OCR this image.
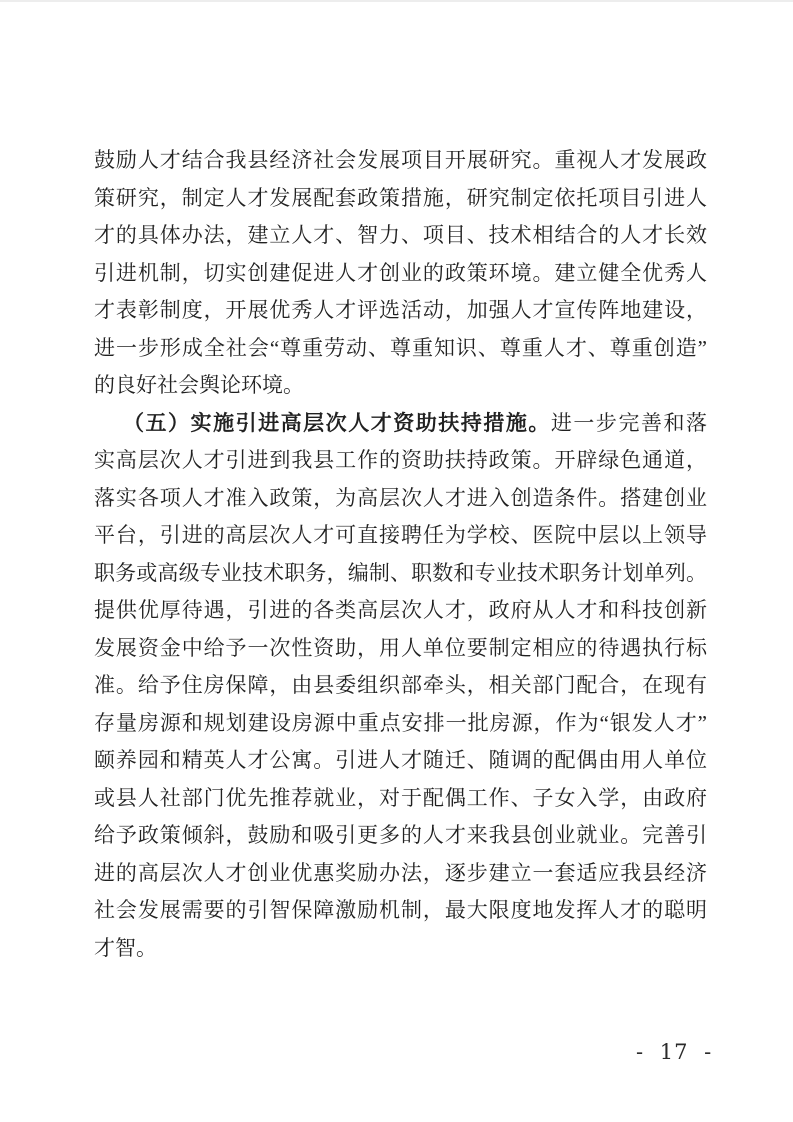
鼓励人才结合我县经济社会发展项目开展研究。重视人才发展政

策研究，制定人才发展配套政策措施，研究制定依托项目引进人

才的具体办法，建立人才、智力、项目、技术相结合的人才长效

引进机制，切实创建促进人才创业的政策环境。建立健全优秀人

才表彰制度，开展优秀人才评选活动，加强人才宣传阵地建设，

进一步形成全社会“尊重劳动、尊重知识、尊重人才、尊重创造”

的良好社会舆论环境。

（五）实施引进高层次人才资助扶持措施。进一步完善和落

实高层次人才引进到我县工作的资助扶持政策。开辟绿色通道，

落实各项人才准入政策，为高层次人才进入创造条件。搭建创业

平台，引进的高层次人才可直接聘任为学校、医院中层以上领导

职务或高级专业技术职务，编制、职数和专业技术职务计划单列。

提供优厚待遇，引进的各类高层次人才，政府从人才和科技创新

发展资金中给予一次性资助，用人单位要制定相应的待遇执行标

准。给予住房保障，由县委组织部牵头，相关部门配合，在现有

存量房源和规划建设房源中重点安排一批房源，作为“银发人才”

颐养园和精英人才公寓。引进人才随迁、随调的配偶由用人单位

或县人社部门优先推荐就业，对于配偶工作、子女入学，由政府

给予政策倾斜，鼓励和吸引更多的人才来我县创业就业。完善引

进的高层次人才创业优惠奖励办法，逐步建立一套适应我县经济

社会发展需要的引智保障激励机制，最大限度地发挥人才的聪明

才智。

- 17 -
